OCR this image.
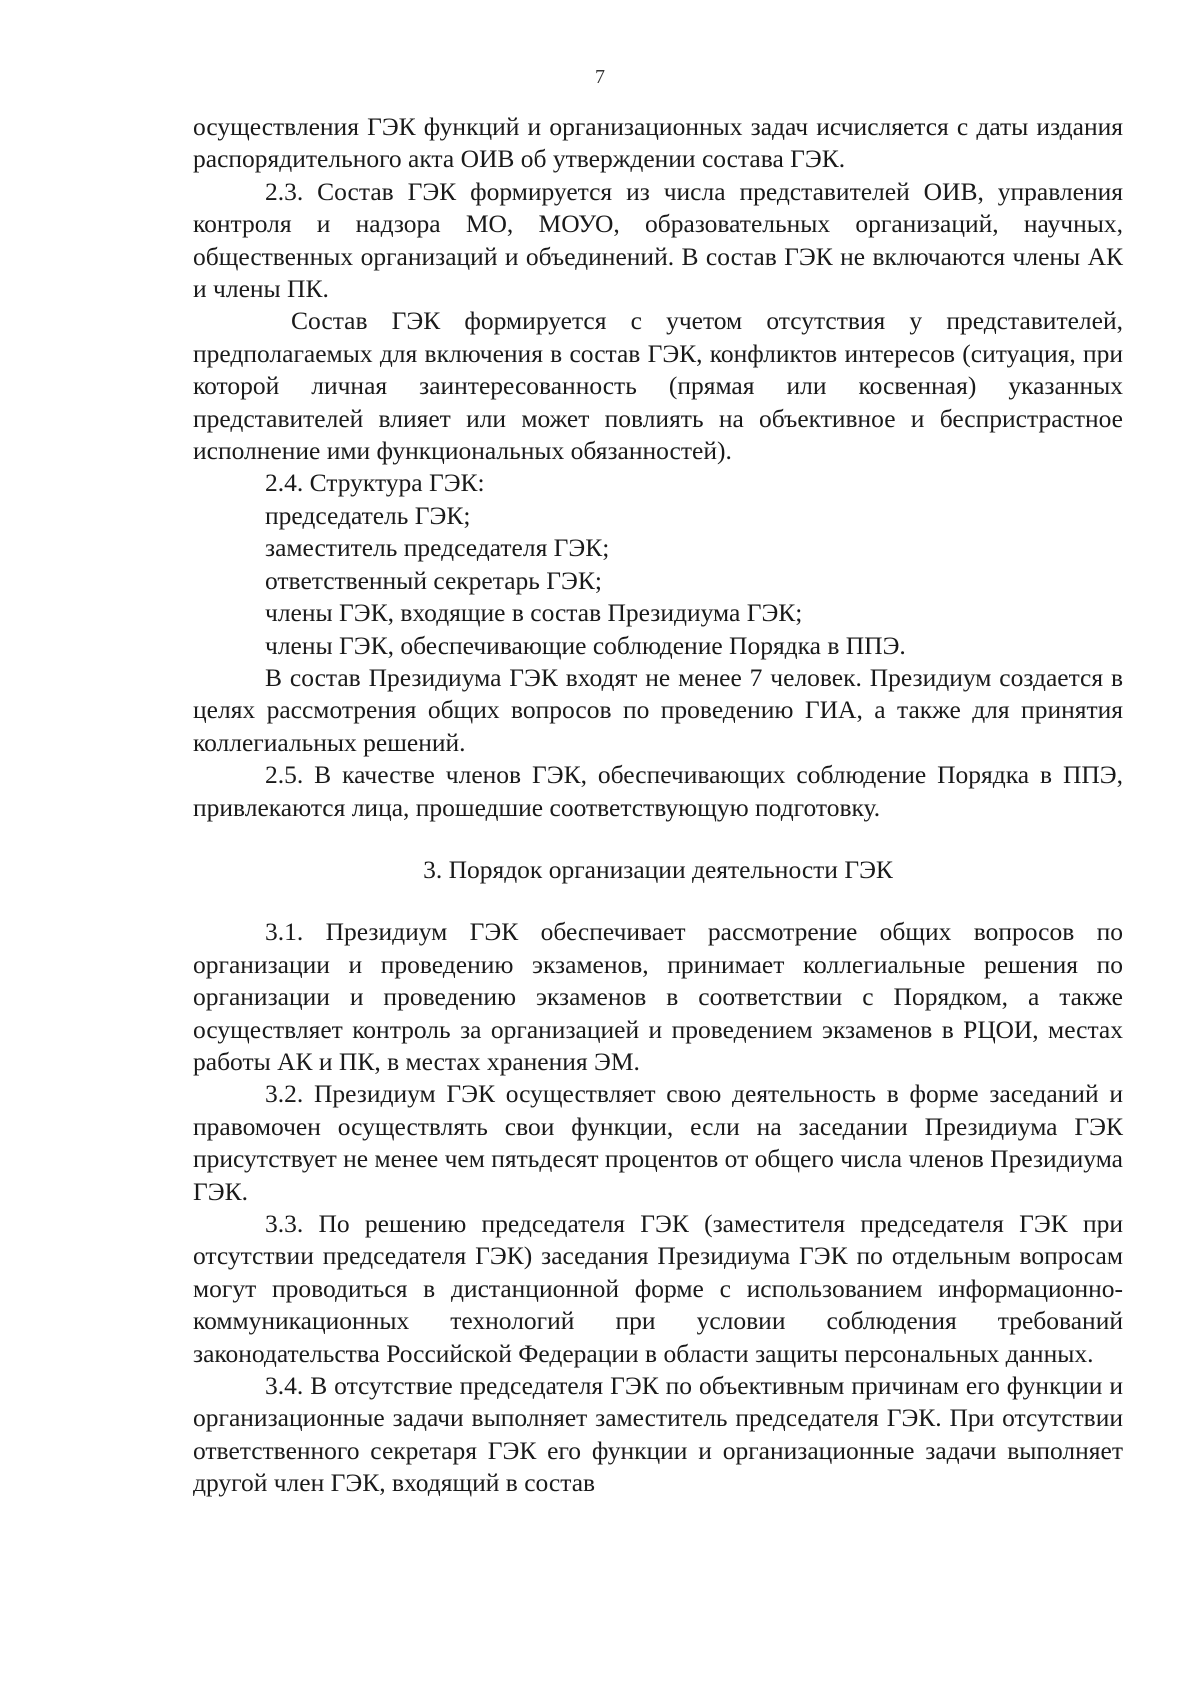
7

осуществления ГЭК функций и организационных задач исчисляется с даты издания распорядительного акта ОИВ об утверждении состава ГЭК.

2.3. Состав ГЭК формируется из числа представителей ОИВ, управления контроля и надзора МО, МОУО, образовательных организаций, научных, общественных организаций и объединений. В состав ГЭК не включаются члены АК и члены ПК.

Состав ГЭК формируется с учетом отсутствия у представителей, предполагаемых для включения в состав ГЭК, конфликтов интересов (ситуация, при которой личная заинтересованность (прямая или косвенная) указанных представителей влияет или может повлиять на объективное и беспристрастное исполнение ими функциональных обязанностей).

2.4. Структура ГЭК:

председатель ГЭК;

заместитель председателя ГЭК;

ответственный секретарь ГЭК;

члены ГЭК, входящие в состав Президиума ГЭК;

члены ГЭК, обеспечивающие соблюдение Порядка в ППЭ.

В состав Президиума ГЭК входят не менее 7 человек. Президиум создается в целях рассмотрения общих вопросов по проведению ГИА, а также для принятия коллегиальных решений.

2.5. В качестве членов ГЭК, обеспечивающих соблюдение Порядка в ППЭ, привлекаются лица, прошедшие соответствующую подготовку.

3. Порядок организации деятельности ГЭК

3.1. Президиум ГЭК обеспечивает рассмотрение общих вопросов по организации и проведению экзаменов, принимает коллегиальные решения по организации и проведению экзаменов в соответствии с Порядком, а также осуществляет контроль за организацией и проведением экзаменов в РЦОИ, местах работы АК и ПК, в местах хранения ЭМ.

3.2. Президиум ГЭК осуществляет свою деятельность в форме заседаний и правомочен осуществлять свои функции, если на заседании Президиума ГЭК присутствует не менее чем пятьдесят процентов от общего числа членов Президиума ГЭК.

3.3. По решению председателя ГЭК (заместителя председателя ГЭК при отсутствии председателя ГЭК) заседания Президиума ГЭК по отдельным вопросам могут проводиться в дистанционной форме с использованием информационно-коммуникационных технологий при условии соблюдения требований законодательства Российской Федерации в области защиты персональных данных.

3.4. В отсутствие председателя ГЭК по объективным причинам его функции и организационные задачи выполняет заместитель председателя ГЭК. При отсутствии ответственного секретаря ГЭК его функции и организационные задачи выполняет другой член ГЭК, входящий в состав
